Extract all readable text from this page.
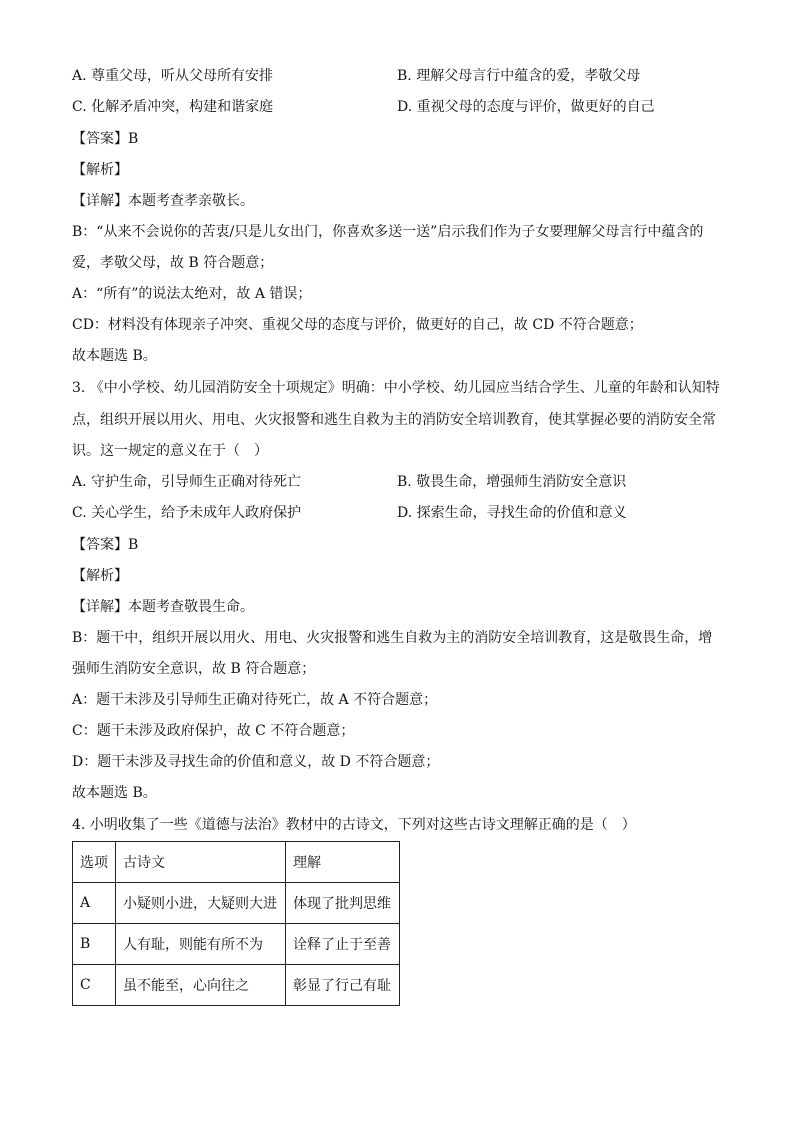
A. 尊重父母，听从父母所有安排	B. 理解父母言行中蕴含的爱，孝敬父母
C. 化解矛盾冲突，构建和谐家庭	D. 重视父母的态度与评价，做更好的自己
【答案】B
【解析】
【详解】本题考查孝亲敬长。
B：“从来不会说你的苦衷/只是儿女出门，你喜欢多送一送”启示我们作为子女要理解父母言行中蕴含的
爱，孝敬父母，故 B 符合题意；
A：“所有”的说法太绝对，故 A 错误；
CD：材料没有体现亲子冲突、重视父母的态度与评价，做更好的自己，故 CD 不符合题意；
故本题选 B。
3. 《中小学校、幼儿园消防安全十项规定》明确：中小学校、幼儿园应当结合学生、儿童的年龄和认知特
点，组织开展以用火、用电、火灾报警和逃生自救为主的消防安全培训教育，使其掌握必要的消防安全常
识。这一规定的意义在于（　）
A. 守护生命，引导师生正确对待死亡	B. 敬畏生命，增强师生消防安全意识
C. 关心学生，给予未成年人政府保护	D. 探索生命，寻找生命的价值和意义
【答案】B
【解析】
【详解】本题考查敬畏生命。
B：题干中，组织开展以用火、用电、火灾报警和逃生自救为主的消防安全培训教育，这是敬畏生命，增
强师生消防安全意识，故 B 符合题意；
A：题干未涉及引导师生正确对待死亡，故 A 不符合题意；
C：题干未涉及政府保护，故 C 不符合题意；
D：题干未涉及寻找生命的价值和意义，故 D 不符合题意；
故本题选 B。
4. 小明收集了一些《道德与法治》教材中的古诗文，下列对这些古诗文理解正确的是（　）
选项	古诗文	理解
A	小疑则小进，大疑则大进	体现了批判思维
B	人有耻，则能有所不为	诠释了止于至善
C	虽不能至，心向往之	彰显了行己有耻
